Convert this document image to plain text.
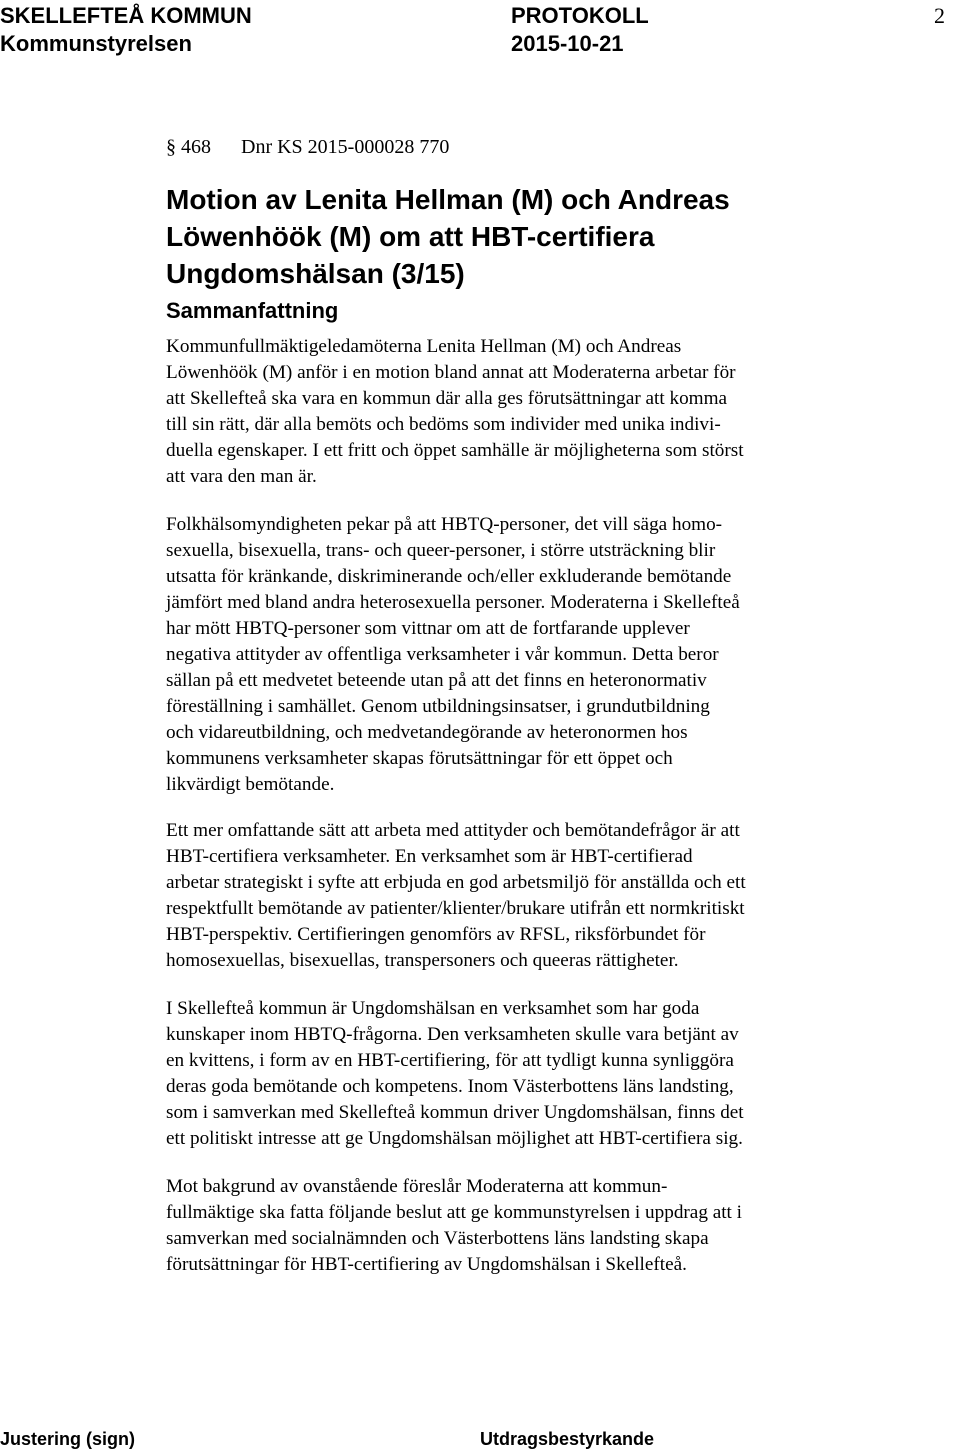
SKELLEFTEÅ KOMMUN
Kommunstyrelsen
PROTOKOLL
2015-10-21
2
§ 468 Dnr KS 2015-000028 770
Motion av Lenita Hellman (M) och Andreas
Löwenhöök (M) om att HBT-certifiera
Ungdomshälsan (3/15)
Sammanfattning

Kommunfullmäktigeledamöterna Lenita Hellman (M) och Andreas
Löwenhöök (M) anför i en motion bland annat att Moderaterna arbetar för
att Skellefteå ska vara en kommun där alla ges förutsättningar att komma
till sin rätt, där alla bemöts och bedöms som individer med unika indivi-
duella egenskaper. I ett fritt och öppet samhälle är möjligheterna som störst
att vara den man är.

Folkhälsomyndigheten pekar på att HBTQ-personer, det vill säga homo-
sexuella, bisexuella, trans- och queer-personer, i större utsträckning blir
utsatta för kränkande, diskriminerande och/eller exkluderande bemötande
jämfört med bland andra heterosexuella personer. Moderaterna i Skellefteå
har mött HBTQ-personer som vittnar om att de fortfarande upplever
negativa attityder av offentliga verksamheter i vår kommun. Detta beror
sällan på ett medvetet beteende utan på att det finns en heteronormativ
föreställning i samhället. Genom utbildningsinsatser, i grundutbildning
och vidareutbildning, och medvetandegörande av heteronormen hos
kommunens verksamheter skapas förutsättningar för ett öppet och
likvärdigt bemötande.

Ett mer omfattande sätt att arbeta med attityder och bemötandefrågor är att
HBT-certifiera verksamheter. En verksamhet som är HBT-certifierad
arbetar strategiskt i syfte att erbjuda en god arbetsmiljö för anställda och ett
respektfullt bemötande av patienter/klienter/brukare utifrån ett normkritiskt
HBT-perspektiv. Certifieringen genomförs av RFSL, riksförbundet för
homosexuellas, bisexuellas, transpersoners och queeras rättigheter.

I Skellefteå kommun är Ungdomshälsan en verksamhet som har goda
kunskaper inom HBTQ-frågorna. Den verksamheten skulle vara betjänt av
en kvittens, i form av en HBT-certifiering, för att tydligt kunna synliggöra
deras goda bemötande och kompetens. Inom Västerbottens läns landsting,
som i samverkan med Skellefteå kommun driver Ungdomshälsan, finns det
ett politiskt intresse att ge Ungdomshälsan möjlighet att HBT-certifiera sig.

Mot bakgrund av ovanstående föreslår Moderaterna att kommun-
fullmäktige ska fatta följande beslut att ge kommunstyrelsen i uppdrag att i
samverkan med socialnämnden och Västerbottens läns landsting skapa
förutsättningar för HBT-certifiering av Ungdomshälsan i Skellefteå.

Justering (sign)	Utdragsbestyrkande
